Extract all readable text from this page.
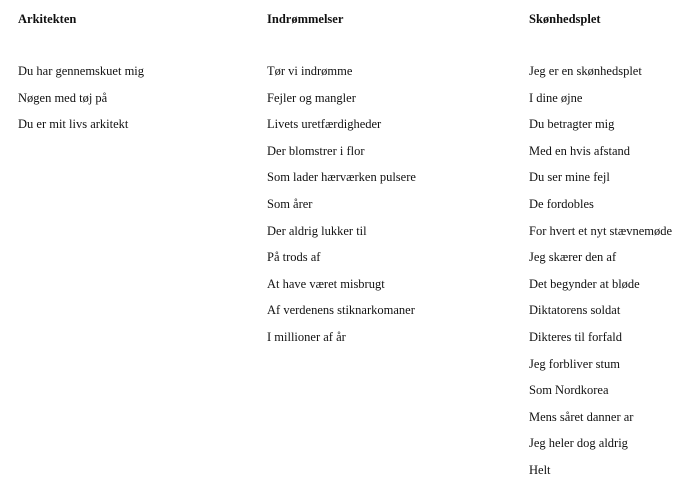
Arkitekten
Du har gennemskuet mig
Nøgen med tøj på
Du er mit livs arkitekt
Indrømmelser
Tør vi indrømme
Fejler og mangler
Livets uretfærdigheder
Der blomstrer i flor
Som lader hærværken pulsere
Som årer
Der aldrig lukker til
På trods af
At have været misbrugt
Af verdenens stiknarkomaner
I millioner af år
Skønhedsplet
Jeg er en skønhedsplet
I dine øjne
Du betragter mig
Med en hvis afstand
Du ser mine fejl
De fordobles
For hvert et nyt stævnemøde
Jeg skærer den af
Det begynder at bløde
Diktatorens soldat
Dikteres til forfald
Jeg forbliver stum
Som Nordkorea
Mens såret danner ar
Jeg heler dog aldrig
Helt
